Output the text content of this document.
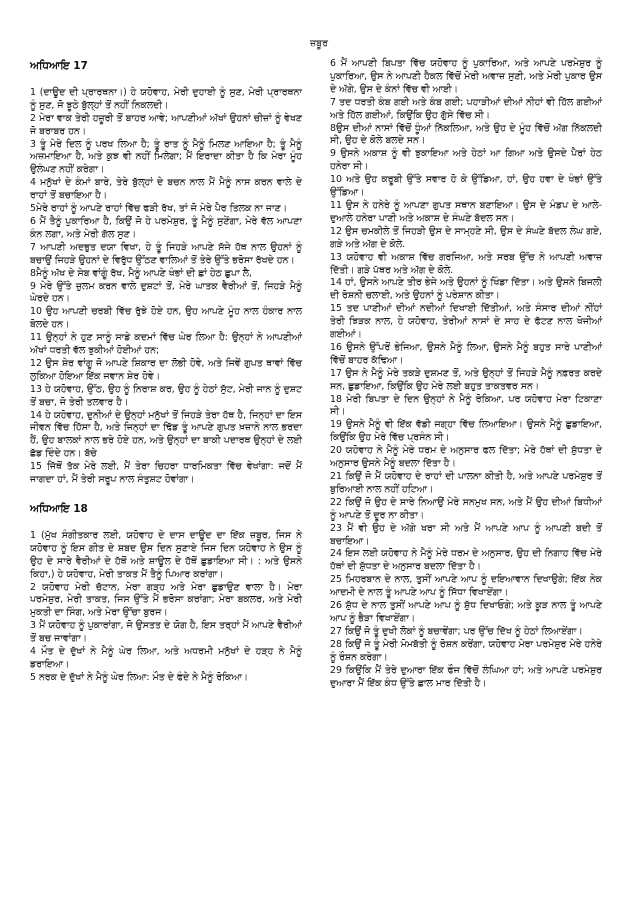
ਜ਼ਬੂਰ
ਅਧਿਆਇ 17

1 (ਦਾਊਦ ਦੀ ਪ੍ਰਾਰਥਨਾ।) ਹੇ ਯਹੋਵਾਹ, ਮੇਰੀ ਦੁਹਾਈ ਨੂੰ ਸੁਣ, ਮੇਰੀ ਪ੍ਰਾਰਥਨਾ ਨੂੰ ਸੁਣ, ਜੋ ਝੂਠੇ ਬੁੱਲ੍ਹਾਂ ਤੋਂ ਨਹੀਂ ਨਿਕਲਦੀ।

2 ਮੇਰਾ ਵਾਕ ਤੇਰੀ ਹਜ਼ੂਰੀ ਤੋਂ ਬਾਹਰ ਆਵੇ; ਆਪਣੀਆਂ ਅੱਖਾਂ ਉਹਨਾਂ ਚੀਜ਼ਾਂ ਨੂੰ ਵੇਖਣ ਜੋ ਬਰਾਬਰ ਹਨ।

3 ਤੂੰ ਮੇਰੇ ਦਿਲ ਨੂੰ ਪਰਖ ਲਿਆ ਹੈ; ਤੂੰ ਰਾਤ ਨੂੰ ਮੈਨੂੰ ਮਿਲਣ ਆਇਆ ਹੈ; ਤੂੰ ਮੈਨੂੰ ਅਜ਼ਮਾਇਆ ਹੈ, ਅਤੇ ਕੁਝ ਵੀ ਨਹੀਂ ਮਿਲੇਗਾ; ਮੈਂ ਇਰਾਦਾ ਕੀਤਾ ਹੈ ਕਿ ਮੇਰਾ ਮੂੰਹ ਉਲੰਘਣ ਨਹੀਂ ਕਰੇਗਾ।

4 ਮਨੁੱਖਾਂ ਦੇ ਕੰਮਾਂ ਬਾਰੇ, ਤੇਰੇ ਬੁੱਲ੍ਹਾਂ ਦੇ ਬਚਨ ਨਾਲ ਮੈਂ ਮੈਨੂੰ ਨਾਸ ਕਰਨ ਵਾਲੇ ਦੇ ਰਾਹਾਂ ਤੋਂ ਬਚਾਇਆ ਹੈ।

5ਮੇਰੇ ਰਾਹਾਂ ਨੂੰ ਆਪਣੇ ਰਾਹਾਂ ਵਿੱਚ ਫੜੀ ਰੱਖ, ਤਾਂ ਜੋ ਮੇਰੇ ਪੈਰ ਤਿਲਕ ਨਾ ਜਾਣ।

6 ਮੈਂ ਤੈਨੂੰ ਪੁਕਾਰਿਆ ਹੈ, ਕਿਉਂ ਜੋ ਹੇ ਪਰਮੇਸ਼ੁਰ, ਤੂੰ ਮੈਨੂੰ ਸੁਣੇਂਗਾ, ਮੇਰੇ ਵੱਲ ਆਪਣਾ ਕੰਨ ਲਗਾ, ਅਤੇ ਮੇਰੀ ਗੱਲ ਸੁਣ।

7 ਆਪਣੀ ਅਦਭੁਤ ਦਯਾ ਵਿਖਾ, ਹੇ ਤੂੰ ਜਿਹੜੇ ਆਪਣੇ ਸੱਜੇ ਹੱਥ ਨਾਲ ਉਹਨਾਂ ਨੂੰ ਬਚਾਉਂ ਜਿਹੜੇ ਉਹਨਾਂ ਦੇ ਵਿਰੁੱਧ ਉੱਠਣ ਵਾਲਿਆਂ ਤੋਂ ਤੇਰੇ ਉੱਤੇ ਭਰੋਸਾ ਰੱਖਦੇ ਹਨ।

8ਮੈਨੂੰ ਅੱਖ ਦੇ ਸੇਬ ਵਾਂਗੂੰ ਰੱਖ, ਮੈਨੂੰ ਆਪਣੇ ਖੰਭਾਂ ਦੀ ਛਾਂ ਹੇਠ ਛੁਪਾ ਲੈ,

9 ਮੇਰੇ ਉੱਤੇ ਜ਼ੁਲਮ ਕਰਨ ਵਾਲੇ ਦੁਸ਼ਟਾਂ ਤੋਂ, ਮੇਰੇ ਘਾਤਕ ਵੈਰੀਆਂ ਤੋਂ, ਜਿਹੜੇ ਮੈਨੂੰ ਘੇਰਦੇ ਹਨ।

10 ਉਹ ਆਪਣੀ ਚਰਬੀ ਵਿੱਚ ਰੁੱਝੇ ਹੋਏ ਹਨ, ਉਹ ਆਪਣੇ ਮੂੰਹ ਨਾਲ ਹੰਕਾਰ ਨਾਲ ਬੋਲਦੇ ਹਨ।

11 ਉਨ੍ਹਾਂ ਨੇ ਹੁਣ ਸਾਨੂੰ ਸਾਡੇ ਕਦਮਾਂ ਵਿੱਚ ਘੇਰ ਲਿਆ ਹੈ: ਉਨ੍ਹਾਂ ਨੇ ਆਪਣੀਆਂ ਅੱਖਾਂ ਧਰਤੀ ਵੱਲ ਝੁਕੀਆਂ ਹੋਈਆਂ ਹਨ;

12 ਉਸ ਸ਼ੇਰ ਵਾਂਗੂ ਜੋ ਆਪਣੇ ਸ਼ਿਕਾਰ ਦਾ ਲੋਭੀ ਹੋਵੇ, ਅਤੇ ਜਿਵੇਂ ਗੁਪਤ ਥਾਵਾਂ ਵਿੱਚ ਲੁਕਿਆ ਹੋਇਆ ਇੱਕ ਜਵਾਨ ਸ਼ੇਰ ਹੋਵੇ।

13 ਹੇ ਯਹੋਵਾਹ, ਉੱਠ, ਉਹ ਨੂੰ ਨਿਰਾਸ਼ ਕਰ, ਉਹ ਨੂੰ ਹੇਠਾਂ ਸੁੱਟ, ਮੇਰੀ ਜਾਨ ਨੂੰ ਦੁਸ਼ਟ ਤੋਂ ਬਚਾ, ਜੋ ਤੇਰੀ ਤਲਵਾਰ ਹੈ।

14 ਹੇ ਯਹੋਵਾਹ, ਦੁਨੀਆਂ ਦੇ ਉਨ੍ਹਾਂ ਮਨੁੱਖਾਂ ਤੋਂ ਜਿਹੜੇ ਤੇਰਾ ਹੱਥ ਹੈ, ਜਿਨ੍ਹਾਂ ਦਾ ਇਸ ਜੀਵਨ ਵਿੱਚ ਹਿੱਸਾ ਹੈ, ਅਤੇ ਜਿਨ੍ਹਾਂ ਦਾ ਢਿੱਡ ਤੂੰ ਆਪਣੇ ਗੁਪਤ ਖ਼ਜ਼ਾਨੇ ਨਾਲ ਭਰਦਾ ਹੈਂ, ਉਹ ਬਾਲਕਾਂ ਨਾਲ ਭਰੇ ਹੋਏ ਹਨ, ਅਤੇ ਉਨ੍ਹਾਂ ਦਾ ਬਾਕੀ ਪਦਾਰਥ ਉਨ੍ਹਾਂ ਦੇ ਲਈ ਛੱਡ ਦਿੰਦੇ ਹਨ। ਬੱਚੇ

15 ਜਿੱਥੋਂ ਤੱਕ ਮੇਰੇ ਲਈ, ਮੈਂ ਤੇਰਾ ਚਿਹਰਾ ਧਾਰਮਿਕਤਾ ਵਿੱਚ ਵੇਖਾਂਗਾ: ਜਦੋਂ ਮੈਂ ਜਾਗਦਾ ਹਾਂ, ਮੈਂ ਤੇਰੀ ਸਰੂਪ ਨਾਲ ਸੰਤੁਸ਼ਟ ਹੋਵਾਂਗਾ।

ਅਧਿਆਇ 18

1 (ਮੁੱਖ ਸੰਗੀਤਕਾਰ ਲਈ, ਯਹੋਵਾਹ ਦੇ ਦਾਸ ਦਾਊਦ ਦਾ ਇੱਕ ਜ਼ਬੂਰ, ਜਿਸ ਨੇ ਯਹੋਵਾਹ ਨੂੰ ਇਸ ਗੀਤ ਦੇ ਸ਼ਬਦ ਉਸ ਦਿਨ ਸੁਣਾਏ ਜਿਸ ਦਿਨ ਯਹੋਵਾਹ ਨੇ ਉਸ ਨੂੰ ਉਹ ਦੇ ਸਾਰੇ ਵੈਰੀਆਂ ਦੇ ਹੱਥੋਂ ਅਤੇ ਸ਼ਾਊਲ ਦੇ ਹੱਥੋਂ ਛੁਡਾਇਆ ਸੀ। : ਅਤੇ ਉਸਨੇ ਕਿਹਾ,) ਹੇ ਯਹੋਵਾਹ, ਮੇਰੀ ਤਾਕਤ ਮੈਂ ਤੈਨੂੰ ਪਿਆਰ ਕਰਾਂਗਾ।

2 ਯਹੋਵਾਹ ਮੇਰੀ ਚੱਟਾਨ, ਮੇਰਾ ਗੜ੍ਹ ਅਤੇ ਮੇਰਾ ਛੁਡਾਉਣ ਵਾਲਾ ਹੈ। ਮੇਰਾ ਪਰਮੇਸ਼ੁਰ, ਮੇਰੀ ਤਾਕਤ, ਜਿਸ ਉੱਤੇ ਮੈਂ ਭਰੋਸਾ ਕਰਾਂਗਾ; ਮੇਰਾ ਬਕਲਰ, ਅਤੇ ਮੇਰੀ ਮੁਕਤੀ ਦਾ ਸਿੰਗ, ਅਤੇ ਮੇਰਾ ਉੱਚਾ ਬੁਰਜ।

3 ਮੈਂ ਯਹੋਵਾਹ ਨੂੰ ਪੁਕਾਰਾਂਗਾ, ਜੋ ਉਸਤਤ ਦੇ ਯੋਗ ਹੈ, ਇਸ ਤਰ੍ਹਾਂ ਮੈਂ ਆਪਣੇ ਵੈਰੀਆਂ ਤੋਂ ਬਚ ਜਾਵਾਂਗਾ।

4 ਮੌਤ ਦੇ ਦੁੱਖਾਂ ਨੇ ਮੈਨੂੰ ਘੇਰ ਲਿਆ, ਅਤੇ ਅਧਰਮੀ ਮਨੁੱਖਾਂ ਦੇ ਹੜ੍ਹ ਨੇ ਮੈਨੂੰ ਡਰਾਇਆ।

5 ਨਰਕ ਦੇ ਦੁੱਖਾਂ ਨੇ ਮੈਨੂੰ ਘੇਰ ਲਿਆ: ਮੌਤ ਦੇ ਫੰਦੇ ਨੇ ਮੈਨੂੰ ਰੋਕਿਆ।

6 ਮੈਂ ਆਪਣੀ ਬਿਪਤਾ ਵਿੱਚ ਯਹੋਵਾਹ ਨੂੰ ਪੁਕਾਰਿਆ, ਅਤੇ ਆਪਣੇ ਪਰਮੇਸ਼ੁਰ ਨੂੰ ਪੁਕਾਰਿਆ, ਉਸ ਨੇ ਆਪਣੀ ਹੈਕਲ ਵਿੱਚੋਂ ਮੇਰੀ ਅਵਾਜ਼ ਸੁਣੀ, ਅਤੇ ਮੇਰੀ ਪੁਕਾਰ ਉਸ ਦੇ ਅੱਗੇ, ਉਸ ਦੇ ਕੰਨਾਂ ਵਿੱਚ ਵੀ ਆਈ।

7 ਤਦ ਧਰਤੀ ਕੰਬ ਗਈ ਅਤੇ ਕੰਬ ਗਈ; ਪਹਾੜੀਆਂ ਦੀਆਂ ਨੀਹਾਂ ਵੀ ਹਿੱਲ ਗਈਆਂ ਅਤੇ ਹਿੱਲ ਗਈਆਂ, ਕਿਉਂਕਿ ਉਹ ਗੁੱਸੇ ਵਿੱਚ ਸੀ।

8ਉਸ ਦੀਆਂ ਨਾਸਾਂ ਵਿੱਚੋਂ ਧੂੰਆਂ ਨਿੱਕਲਿਆ, ਅਤੇ ਉਹ ਦੇ ਮੂੰਹ ਵਿੱਚੋਂ ਅੱਗ ਨਿੱਕਲਦੀ ਸੀ, ਉਹ ਦੇ ਕੋਲੇ ਬਲਦੇ ਸਨ।

9 ਉਸਨੇ ਅਕਾਸ਼ ਨੂੰ ਵੀ ਝੁਕਾਇਆ ਅਤੇ ਹੇਠਾਂ ਆ ਗਿਆ ਅਤੇ ਉਸਦੇ ਪੈਰਾਂ ਹੇਠ ਹਨੇਰਾ ਸੀ।

10 ਅਤੇ ਉਹ ਕਰੂਬੀ ਉੱਤੇ ਸਵਾਰ ਹੋ ਕੇ ਉੱਡਿਆ, ਹਾਂ, ਉਹ ਹਵਾ ਦੇ ਖੰਭਾਂ ਉੱਤੇ ਉੱਡਿਆ।

11 ਉਸ ਨੇ ਹਨੇਰੇ ਨੂੰ ਆਪਣਾ ਗੁਪਤ ਸਥਾਨ ਬਣਾਇਆ। ਉਸ ਦੇ ਮੰਡਪ ਦੇ ਆਲੇ-ਦੁਆਲੇ ਹਨੇਰਾ ਪਾਣੀ ਅਤੇ ਅਕਾਸ਼ ਦੇ ਸੰਘਣੇ ਬੱਦਲ ਸਨ।

12 ਉਸ ਚਮਕੀਲੇ ਤੋਂ ਜਿਹੜੀ ਉਸ ਦੇ ਸਾਮ੍ਹਣੇ ਸੀ, ਉਸ ਦੇ ਸੰਘਣੇ ਬੱਦਲ ਲੰਘ ਗਏ, ਗੜੇ ਅਤੇ ਅੱਗ ਦੇ ਕੋਲੇ.

13 ਯਹੋਵਾਹ ਵੀ ਅਕਾਸ਼ ਵਿੱਚ ਗਰਜਿਆ, ਅਤੇ ਸਰਬ ਉੱਚ ਨੇ ਆਪਣੀ ਅਵਾਜ਼ ਦਿੱਤੀ। ਗੜੇ ਪੱਥਰ ਅਤੇ ਅੱਗ ਦੇ ਕੋਲੇ.

14 ਹਾਂ, ਉਸਨੇ ਆਪਣੇ ਤੀਰ ਭੇਜੇ ਅਤੇ ਉਹਨਾਂ ਨੂੰ ਖਿੰਡਾ ਦਿੱਤਾ। ਅਤੇ ਉਸਨੇ ਬਿਜਲੀ ਦੀ ਰੋਸ਼ਨੀ ਚਲਾਈ, ਅਤੇ ਉਹਨਾਂ ਨੂੰ ਪਰੇਸ਼ਾਨ ਕੀਤਾ।

15 ਤਦ ਪਾਣੀਆਂ ਦੀਆਂ ਨਦੀਆਂ ਦਿਖਾਈ ਦਿੱਤੀਆਂ, ਅਤੇ ਸੰਸਾਰ ਦੀਆਂ ਨੀਂਹਾਂ ਤੇਰੀ ਝਿੜਕ ਨਾਲ, ਹੇ ਯਹੋਵਾਹ, ਤੇਰੀਆਂ ਨਾਸਾਂ ਦੇ ਸਾਹ ਦੇ ਫੱਟਣ ਨਾਲ ਖੋਜੀਆਂ ਗਈਆਂ।

16 ਉਸਨੇ ਉੱਪਰੋਂ ਭੇਜਿਆ, ਉਸਨੇ ਮੈਨੂੰ ਲਿਆ, ਉਸਨੇ ਮੈਨੂੰ ਬਹੁਤ ਸਾਰੇ ਪਾਣੀਆਂ ਵਿੱਚੋਂ ਬਾਹਰ ਕੱਢਿਆ।

17 ਉਸ ਨੇ ਮੈਨੂੰ ਮੇਰੇ ਤਕੜੇ ਦੁਸ਼ਮਣ ਤੋਂ, ਅਤੇ ਉਨ੍ਹਾਂ ਤੋਂ ਜਿਹੜੇ ਮੈਨੂੰ ਨਫ਼ਰਤ ਕਰਦੇ ਸਨ, ਛੁਡਾਇਆ, ਕਿਉਂਕਿ ਉਹ ਮੇਰੇ ਲਈ ਬਹੁਤ ਤਾਕਤਵਰ ਸਨ।

18 ਮੇਰੀ ਬਿਪਤਾ ਦੇ ਦਿਨ ਉਨ੍ਹਾਂ ਨੇ ਮੈਨੂੰ ਰੋਕਿਆ, ਪਰ ਯਹੋਵਾਹ ਮੇਰਾ ਟਿਕਾਣਾ ਸੀ।

19 ਉਸਨੇ ਮੈਨੂੰ ਵੀ ਇੱਕ ਵੱਡੀ ਜਗ੍ਹਾ ਵਿੱਚ ਲਿਆਇਆ। ਉਸਨੇ ਮੈਨੂੰ ਛੁਡਾਇਆ, ਕਿਉਂਕਿ ਉਹ ਮੇਰੇ ਵਿੱਚ ਪ੍ਰਸੰਨ ਸੀ।

20 ਯਹੋਵਾਹ ਨੇ ਮੈਨੂੰ ਮੇਰੇ ਧਰਮ ਦੇ ਅਨੁਸਾਰ ਫਲ ਦਿੱਤਾ; ਮੇਰੇ ਹੱਥਾਂ ਦੀ ਸ਼ੁੱਧਤਾ ਦੇ ਅਨੁਸਾਰ ਉਸਨੇ ਮੈਨੂੰ ਬਦਲਾ ਦਿੱਤਾ ਹੈ।

21 ਕਿਉਂ ਜੋ ਮੈਂ ਯਹੋਵਾਹ ਦੇ ਰਾਹਾਂ ਦੀ ਪਾਲਨਾ ਕੀਤੀ ਹੈ, ਅਤੇ ਆਪਣੇ ਪਰਮੇਸ਼ੁਰ ਤੋਂ ਬੁਰਿਆਈ ਨਾਲ ਨਹੀਂ ਹਟਿਆ।

22 ਕਿਉਂ ਜੋ ਉਹ ਦੇ ਸਾਰੇ ਨਿਆਉਂ ਮੇਰੇ ਸਨਮੁਖ ਸਨ, ਅਤੇ ਮੈਂ ਉਹ ਦੀਆਂ ਬਿਧੀਆਂ ਨੂੰ ਆਪਣੇ ਤੋਂ ਦੂਰ ਨਾ ਕੀਤਾ।

23 ਮੈਂ ਵੀ ਉਹ ਦੇ ਅੱਗੇ ਖਰਾ ਸੀ ਅਤੇ ਮੈਂ ਆਪਣੇ ਆਪ ਨੂੰ ਆਪਣੀ ਬਦੀ ਤੋਂ ਬਚਾਇਆ।

24 ਇਸ ਲਈ ਯਹੋਵਾਹ ਨੇ ਮੈਨੂੰ ਮੇਰੇ ਧਰਮ ਦੇ ਅਨੁਸਾਰ, ਉਹ ਦੀ ਨਿਗਾਹ ਵਿੱਚ ਮੇਰੇ ਹੱਥਾਂ ਦੀ ਸ਼ੁੱਧਤਾ ਦੇ ਅਨੁਸਾਰ ਬਦਲਾ ਦਿੱਤਾ ਹੈ।

25 ਮਿਹਰਬਾਨ ਦੇ ਨਾਲ, ਤੁਸੀਂ ਆਪਣੇ ਆਪ ਨੂੰ ਦਇਆਵਾਨ ਦਿਖਾਉਗੇ; ਇੱਕ ਨੇਕ ਆਦਮੀ ਦੇ ਨਾਲ ਤੂੰ ਆਪਣੇ ਆਪ ਨੂੰ ਸਿੱਧਾ ਵਿਖਾਏਂਗਾ।

26 ਸ਼ੁੱਧ ਦੇ ਨਾਲ ਤੁਸੀਂ ਆਪਣੇ ਆਪ ਨੂੰ ਸ਼ੁੱਧ ਦਿਖਾਓਗੇ; ਅਤੇ ਕੂੜ ਨਾਲ ਤੂੰ ਆਪਣੇ ਆਪ ਨੂੰ ਭੈੜਾ ਵਿਖਾਏਂਗਾ।

27 ਕਿਉਂ ਜੋ ਤੂੰ ਦੁਖੀ ਲੋਕਾਂ ਨੂੰ ਬਚਾਵੇਂਗਾ; ਪਰ ਉੱਚ ਦਿੱਖ ਨੂੰ ਹੇਠਾਂ ਲਿਆਏਂਗਾ।

28 ਕਿਉਂ ਜੋ ਤੂੰ ਮੇਰੀ ਮੋਮਬੱਤੀ ਨੂੰ ਰੋਸ਼ਨ ਕਰੇਂਗਾ, ਯਹੋਵਾਹ ਮੇਰਾ ਪਰਮੇਸ਼ੁਰ ਮੇਰੇ ਹਨੇਰੇ ਨੂੰ ਰੌਸ਼ਨ ਕਰੇਗਾ।

29 ਕਿਉਂਕਿ ਮੈਂ ਤੇਰੇ ਦੁਆਰਾ ਇੱਕ ਫੌਜ ਵਿੱਚੋਂ ਲੰਘਿਆ ਹਾਂ; ਅਤੇ ਆਪਣੇ ਪਰਮੇਸ਼ੁਰ ਦੁਆਰਾ ਮੈਂ ਇੱਕ ਕੰਧ ਉੱਤੇ ਛਾਲ ਮਾਰ ਦਿੱਤੀ ਹੈ।
